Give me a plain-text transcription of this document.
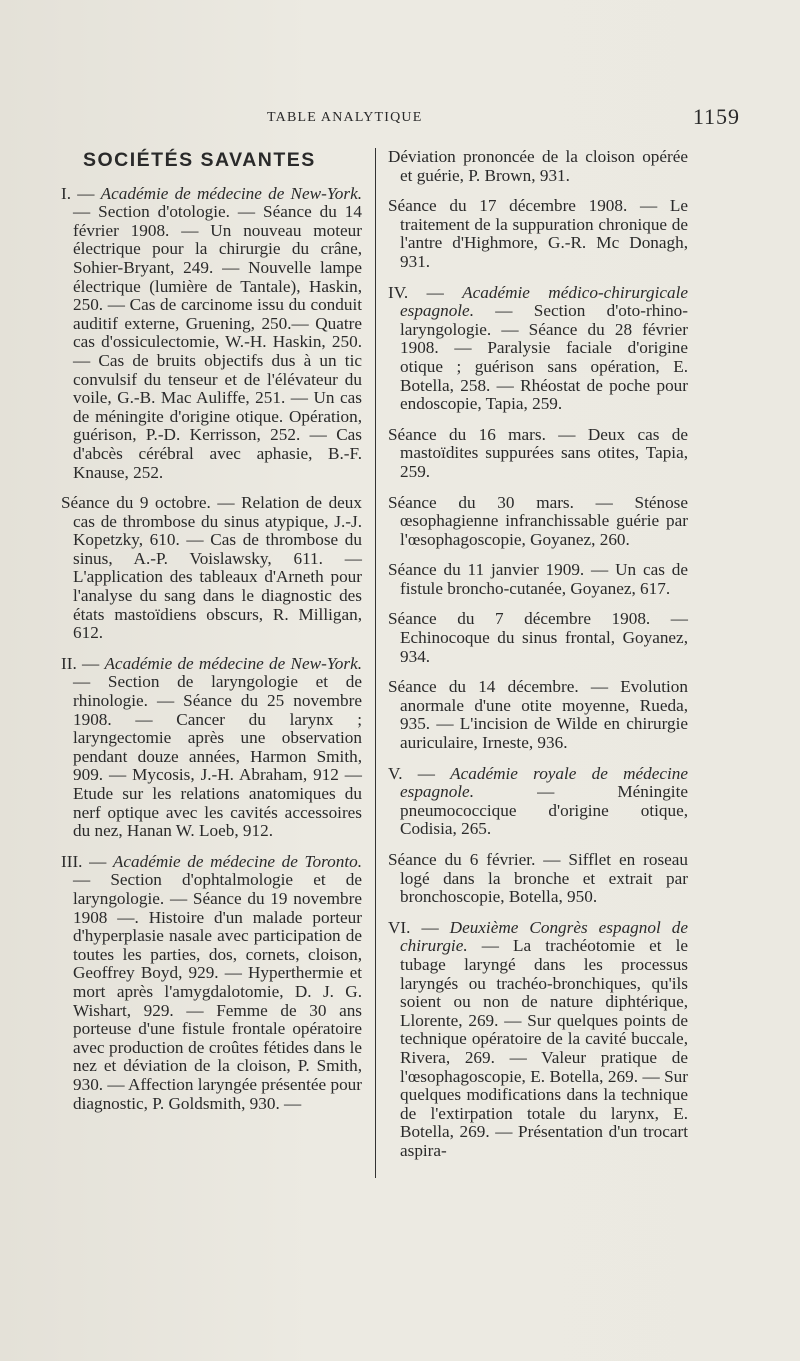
TABLE ANALYTIQUE	1159
SOCIÉTÉS SAVANTES

I. — Académie de médecine de New-York. — Section d'otologie. — Séance du 14 février 1908. — Un nouveau moteur électrique pour la chirurgie du crâne, Sohier-Bryant, 249. — Nouvelle lampe électrique (lumière de Tantale), Haskin, 250. — Cas de carcinome issu du conduit auditif externe, Gruening, 250.— Quatre cas d'ossiculectomie, W.-H. Haskin, 250. — Cas de bruits objectifs dus à un tic convulsif du tenseur et de l'élévateur du voile, G.-B. Mac Auliffe, 251. — Un cas de méningite d'origine otique. Opération, guérison, P.-D. Kerrisson, 252. — Cas d'abcès cérébral avec aphasie, B.-F. Knause, 252.

Séance du 9 octobre. — Relation de deux cas de thrombose du sinus atypique, J.-J. Kopetzky, 610. — Cas de thrombose du sinus, A.-P. Voislawsky, 611. — L'application des tableaux d'Arneth pour l'analyse du sang dans le diagnostic des états mastoïdiens obscurs, R. Milligan, 612.

II. — Académie de médecine de New-York. — Section de laryngologie et de rhinologie. — Séance du 25 novembre 1908. — Cancer du larynx ; laryngectomie après une observation pendant douze années, Harmon Smith, 909. — Mycosis, J.-H. Abraham, 912 — Etude sur les relations anatomiques du nerf optique avec les cavités accessoires du nez, Hanan W. Loeb, 912.

III. — Académie de médecine de Toronto. — Section d'ophtalmologie et de laryngologie. — Séance du 19 novembre 1908 —. Histoire d'un malade porteur d'hyperplasie nasale avec participation de toutes les parties, dos, cornets, cloison, Geoffrey Boyd, 929. — Hyperthermie et mort après l'amygdalotomie, D. J. G. Wishart, 929. — Femme de 30 ans porteuse d'une fistule frontale opératoire avec production de croûtes fétides dans le nez et déviation de la cloison, P. Smith, 930. — Affection laryngée présentée pour diagnostic, P. Goldsmith, 930. —

Déviation prononcée de la cloison opérée et guérie, P. Brown, 931.

Séance du 17 décembre 1908. — Le traitement de la suppuration chronique de l'antre d'Highmore, G.-R. Mc Donagh, 931.

IV. — Académie médico-chirurgicale espagnole. — Section d'oto-rhino-laryngologie. — Séance du 28 février 1908. — Paralysie faciale d'origine otique ; guérison sans opération, E. Botella, 258. — Rhéostat de poche pour endoscopie, Tapia, 259.

Séance du 16 mars. — Deux cas de mastoïdites suppurées sans otites, Tapia, 259.

Séance du 30 mars. — Sténose œsophagienne infranchissable guérie par l'œsophagoscopie, Goyanez, 260.

Séance du 11 janvier 1909. — Un cas de fistule broncho-cutanée, Goyanez, 617.

Séance du 7 décembre 1908. — Echinocoque du sinus frontal, Goyanez, 934.

Séance du 14 décembre. — Evolution anormale d'une otite moyenne, Rueda, 935. — L'incision de Wilde en chirurgie auriculaire, Irneste, 936.

V. — Académie royale de médecine espagnole. — Méningite pneumococcique d'origine otique, Codisia, 265.

Séance du 6 février. — Sifflet en roseau logé dans la bronche et extrait par bronchoscopie, Botella, 950.

VI. — Deuxième Congrès espagnol de chirurgie. — La trachéotomie et le tubage laryngé dans les processus laryngés ou trachéo-bronchiques, qu'ils soient ou non de nature diphtérique, Llorente, 269. — Sur quelques points de technique opératoire de la cavité buccale, Rivera, 269. — Valeur pratique de l'œsophagoscopie, E. Botella, 269. — Sur quelques modifications dans la technique de l'extirpation totale du larynx, E. Botella, 269. — Présentation d'un trocart aspira-
